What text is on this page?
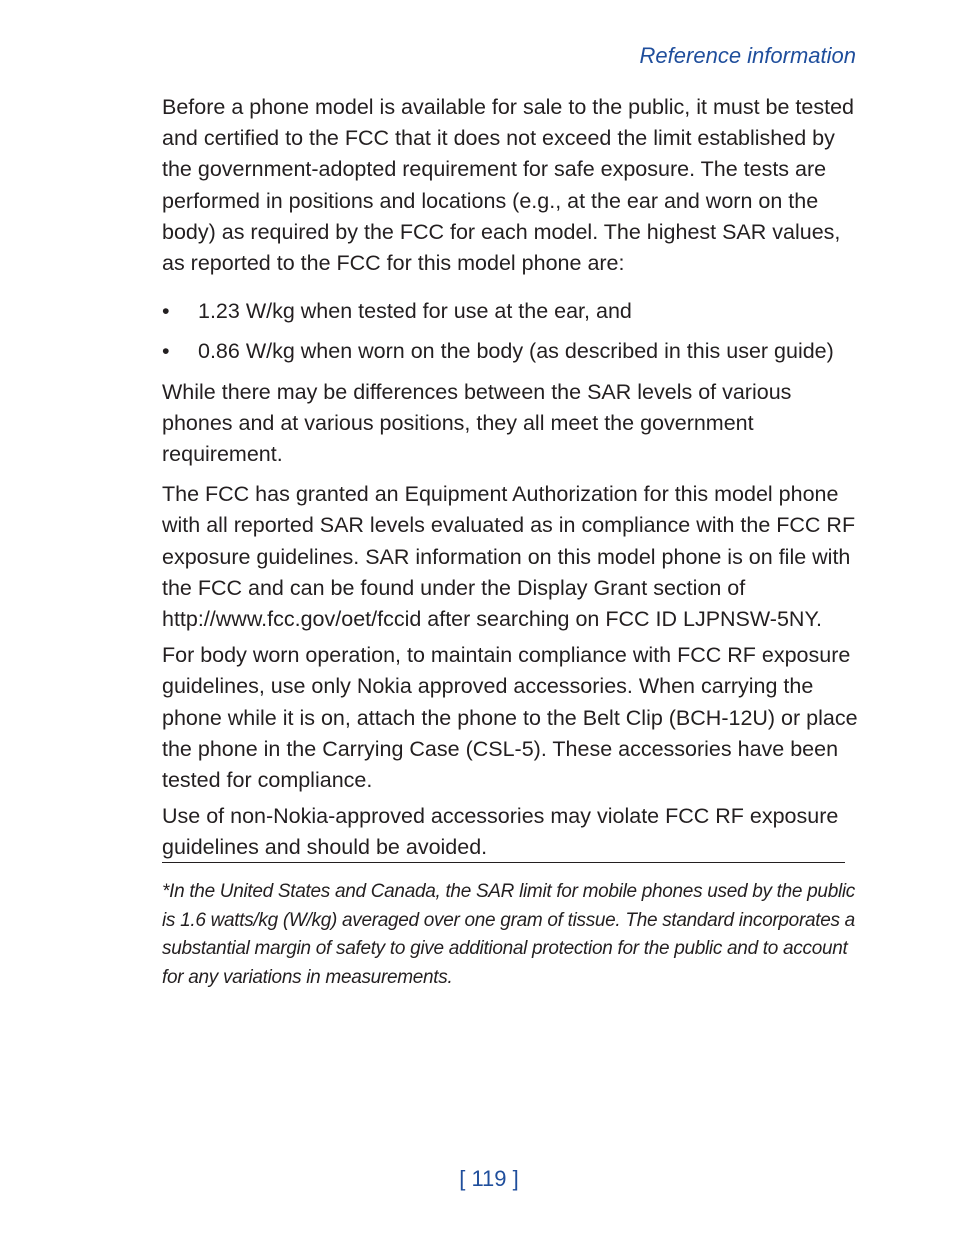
Reference information

Before a phone model is available for sale to the public, it must be tested and certified to the FCC that it does not exceed the limit established by the government-adopted requirement for safe exposure. The tests are performed in positions and locations (e.g., at the ear and worn on the body) as required by the FCC for each model. The highest SAR values, as reported to the FCC for this model phone are:

• 1.23 W/kg when tested for use at the ear, and
• 0.86 W/kg when worn on the body (as described in this user guide)

While there may be differences between the SAR levels of various phones and at various positions, they all meet the government requirement.

The FCC has granted an Equipment Authorization for this model phone with all reported SAR levels evaluated as in compliance with the FCC RF exposure guidelines. SAR information on this model phone is on file with the FCC and can be found under the Display Grant section of http://www.fcc.gov/oet/fccid after searching on FCC ID LJPNSW-5NY.

For body worn operation, to maintain compliance with FCC RF exposure guidelines, use only Nokia approved accessories. When carrying the phone while it is on, attach the phone to the Belt Clip (BCH-12U) or place the phone in the Carrying Case (CSL-5). These accessories have been tested for compliance.

Use of non-Nokia-approved accessories may violate FCC RF exposure guidelines and should be avoided.

*In the United States and Canada, the SAR limit for mobile phones used by the public is 1.6 watts/kg (W/kg) averaged over one gram of tissue. The standard incorporates a substantial margin of safety to give additional protection for the public and to account for any variations in measurements.

[ 119 ]
